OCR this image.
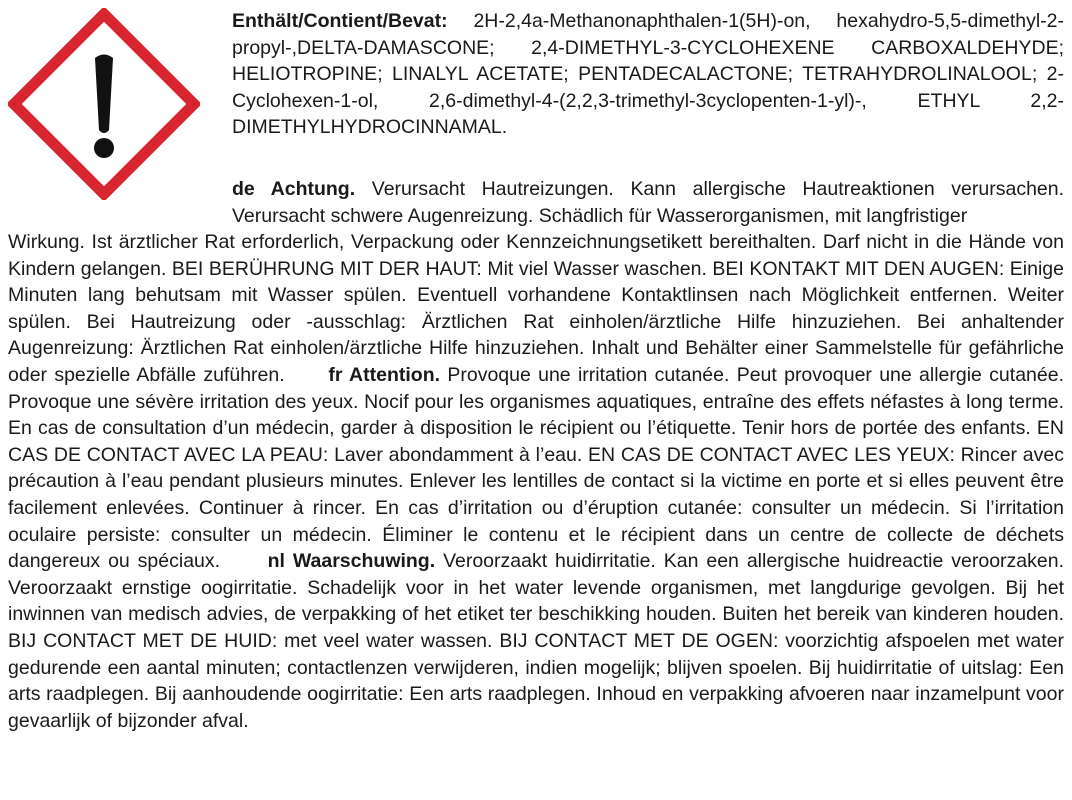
Enthält/Contient/Bevat: 2H-2,4a-Methanonaphthalen-1(5H)-on, hexahydro-5,5-dimethyl-2-propyl-,DELTA-DAMASCONE; 2,4-DIMETHYL-3-CYCLOHEXENE CARBOXALDEHYDE; HELIOTROPINE; LINALYL ACETATE; PENTADECALACTONE; TETRAHYDROLINALOOL; 2-Cyclohexen-1-ol, 2,6-dimethyl-4-(2,2,3-trimethyl-3cyclopenten-1-yl)-, ETHYL 2,2-DIMETHYLHYDROCINNAMAL.

de Achtung. Verursacht Hautreizungen. Kann allergische Hautreaktionen verursachen. Verursacht schwere Augenreizung. Schädlich für Wasserorganismen, mit langfristiger

Wirkung. Ist ärztlicher Rat erforderlich, Verpackung oder Kennzeichnungsetikett bereithalten. Darf nicht in die Hände von Kindern gelangen. BEI BERÜHRUNG MIT DER HAUT: Mit viel Wasser waschen. BEI KONTAKT MIT DEN AUGEN: Einige Minuten lang behutsam mit Wasser spülen. Eventuell vorhandene Kontaktlinsen nach Möglichkeit entfernen. Weiter spülen. Bei Hautreizung oder -ausschlag: Ärztlichen Rat einholen/ärztliche Hilfe hinzuziehen. Bei anhaltender Augenreizung: Ärztlichen Rat einholen/ärztliche Hilfe hinzuziehen. Inhalt und Behälter einer Sammelstelle für gefährliche oder spezielle Abfälle zuführen. fr Attention. Provoque une irritation cutanée. Peut provoquer une allergie cutanée. Provoque une sévère irritation des yeux. Nocif pour les organismes aquatiques, entraîne des effets néfastes à long terme. En cas de consultation d’un médecin, garder à disposition le récipient ou l’étiquette. Tenir hors de portée des enfants. EN CAS DE CONTACT AVEC LA PEAU: Laver abondamment à l’eau. EN CAS DE CONTACT AVEC LES YEUX: Rincer avec précaution à l’eau pendant plusieurs minutes. Enlever les lentilles de contact si la victime en porte et si elles peuvent être facilement enlevées. Continuer à rincer. En cas d’irritation ou d’éruption cutanée: consulter un médecin. Si l’irritation oculaire persiste: consulter un médecin. Éliminer le contenu et le récipient dans un centre de collecte de déchets dangereux ou spéciaux. nl Waarschuwing. Veroorzaakt huidirritatie. Kan een allergische huidreactie veroorzaken. Veroorzaakt ernstige oogirritatie. Schadelijk voor in het water levende organismen, met langdurige gevolgen. Bij het inwinnen van medisch advies, de verpakking of het etiket ter beschikking houden. Buiten het bereik van kinderen houden. BIJ CONTACT MET DE HUID: met veel water wassen. BIJ CONTACT MET DE OGEN: voorzichtig afspoelen met water gedurende een aantal minuten; contactlenzen verwijderen, indien mogelijk; blijven spoelen. Bij huidirritatie of uitslag: Een arts raadplegen. Bij aanhoudende oogirritatie: Een arts raadplegen. Inhoud en verpakking afvoeren naar inzamelpunt voor gevaarlijk of bijzonder afval.
